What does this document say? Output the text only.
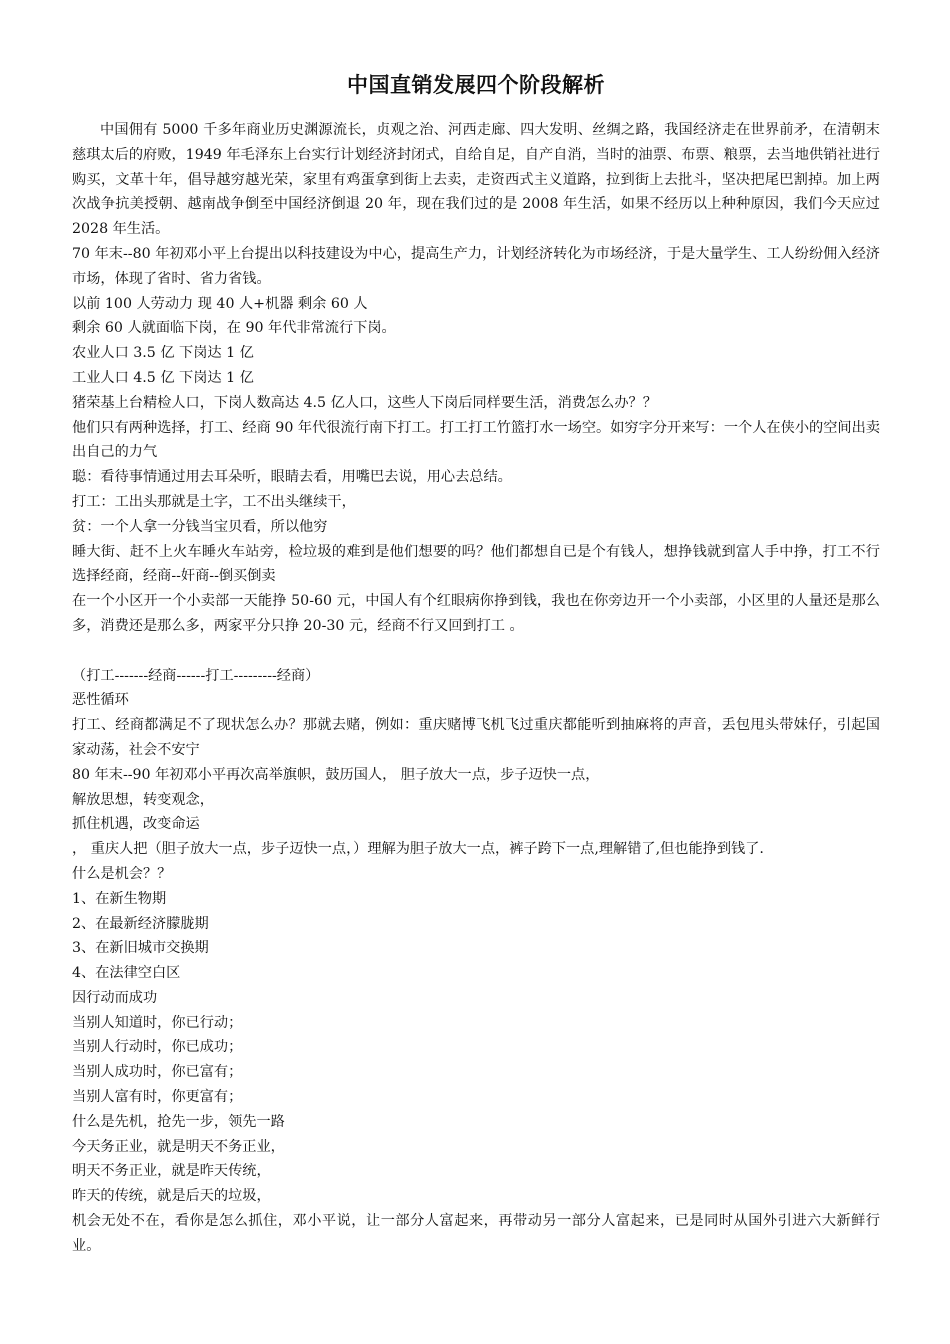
中国直销发展四个阶段解析

中国佣有 5000 千多年商业历史渊源流长，贞观之治、河西走廊、四大发明、丝绸之路，我国经济走在世界前矛，在清朝末慈琪太后的府败，1949 年毛泽东上台实行计划经济封闭式，自给自足，自产自消，当时的油票、布票、粮票，去当地供销社进行购买，文革十年，倡导越穷越光荣，家里有鸡蛋拿到街上去卖，走资西式主义道路，拉到街上去批斗，坚决把尾巴割掉。加上两次战争抗美授朝、越南战争倒至中国经济倒退 20 年，现在我们过的是 2008 年生活，如果不经历以上种种原因，我们今天应过 2028 年生活。

70 年末--80 年初邓小平上台提出以科技建设为中心，提高生产力，计划经济转化为市场经济，于是大量学生、工人纷纷佣入经济市场，体现了省时、省力省钱。

以前 100 人劳动力 现 40 人+机器 剩余 60 人

剩余 60 人就面临下岗，在 90 年代非常流行下岗。

农业人口 3.5 亿 下岗达 1 亿

工业人口 4.5 亿 下岗达 1 亿

猪荣基上台精检人口，下岗人数高达 4.5 亿人口，这些人下岗后同样要生活，消费怎么办？？

他们只有两种选择，打工、经商 90 年代很流行南下打工。打工打工竹篮打水一场空。如穷字分开来写：一个人在侠小的空间出卖出自己的力气

聪：看待事情通过用去耳朵听，眼睛去看，用嘴巴去说，用心去总结。

打工：工出头那就是土字，工不出头继续干，

贫：一个人拿一分钱当宝贝看，所以他穷

睡大街、赶不上火车睡火车站旁，检垃圾的难到是他们想要的吗？他们都想自已是个有钱人，想挣钱就到富人手中挣，打工不行选择经商，经商--奸商--倒买倒卖

在一个小区开一个小卖部一天能挣 50-60 元，中国人有个红眼病你挣到钱，我也在你旁边开一个小卖部，小区里的人量还是那么多，消费还是那么多，两家平分只挣 20-30 元，经商不行又回到打工 。

（打工-------经商------打工---------经商）

恶性循环

打工、经商都满足不了现状怎么办？那就去赌，例如：重庆赌博飞机飞过重庆都能听到抽麻将的声音，丢包甩头带妹仔，引起国家动荡，社会不安宁

80 年末--90 年初邓小平再次高举旗帜，鼓历国人， 胆子放大一点，步子迈快一点，

解放思想，转变观念，

抓住机遇，改变命运

， 重庆人把（胆子放大一点，步子迈快一点，）理解为胆子放大一点，裤子跨下一点,理解错了,但也能挣到钱了.

什么是机会？？

1、在新生物期

2、在最新经济朦胧期

3、在新旧城市交换期

4、在法律空白区

因行动而成功

当别人知道时，你已行动；

当别人行动时，你已成功；

当别人成功时，你已富有；

当别人富有时，你更富有；

什么是先机，抢先一步，领先一路

今天务正业，就是明天不务正业，

明天不务正业，就是昨天传统，

昨天的传统，就是后天的垃圾，

机会无处不在，看你是怎么抓住，邓小平说，让一部分人富起来，再带动另一部分人富起来，已是同时从国外引进六大新鲜行业。
